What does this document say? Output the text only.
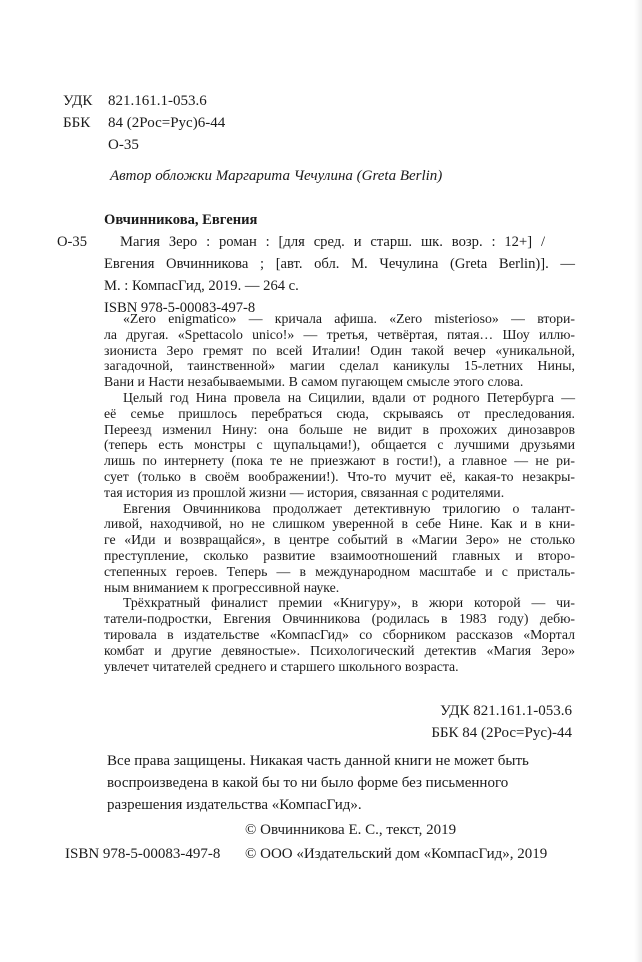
УДК 821.161.1-053.6
ББК 84 (2Рос=Рус)6-44
О-35
Автор обложки Маргарита Чечулина (Greta Berlin)
Овчинникова, Евгения
О-35	Магия Зеро : роман : [для сред. и старш. шк. возр. : 12+] /
Евгения Овчинникова ; [авт. обл. М. Чечулина (Greta Berlin)]. —
М. : КомпасГид, 2019. — 264 с.
ISBN 978-5-00083-497-8
«Zero enigmatico» — кричала афиша. «Zero misterioso» — втори-
ла другая. «Spettacolo unico!» — третья, четвёртая, пятая… Шоу иллю-
зиониста Зеро гремят по всей Италии! Один такой вечер «уникальной,
загадочной, таинственной» магии сделал каникулы 15-летних Нины,
Вани и Насти незабываемыми. В самом пугающем смысле этого слова.
Целый год Нина провела на Сицилии, вдали от родного Петербурга —
её семье пришлось перебраться сюда, скрываясь от преследования.
Переезд изменил Нину: она больше не видит в прохожих динозавров
(теперь есть монстры с щупальцами!), общается с лучшими друзьями
лишь по интернету (пока те не приезжают в гости!), а главное — не ри-
сует (только в своём воображении!). Что-то мучит её, какая-то незакры-
тая история из прошлой жизни — история, связанная с родителями.
Евгения Овчинникова продолжает детективную трилогию о талант-
ливой, находчивой, но не слишком уверенной в себе Нине. Как и в кни-
ге «Иди и возвращайся», в центре событий в «Магии Зеро» не столько
преступление, сколько развитие взаимоотношений главных и второ-
степенных героев. Теперь — в международном масштабе и с присталь-
ным вниманием к прогрессивной науке.
Трёхкратный финалист премии «Книгуру», в жюри которой — чи-
татели-подростки, Евгения Овчинникова (родилась в 1983 году) дебю-
тировала в издательстве «КомпасГид» со сборником рассказов «Мортал
комбат и другие девяностые». Психологический детектив «Магия Зеро»
увлечет читателей среднего и старшего школьного возраста.
УДК 821.161.1-053.6
ББК 84 (2Рос=Рус)-44
Все права защищены. Никакая часть данной книги не может быть
воспроизведена в какой бы то ни было форме без письменного
разрешения издательства «КомпасГид».
© Овчинникова Е. С., текст, 2019
ISBN 978-5-00083-497-8 © ООО «Издательский дом «КомпасГид», 2019
